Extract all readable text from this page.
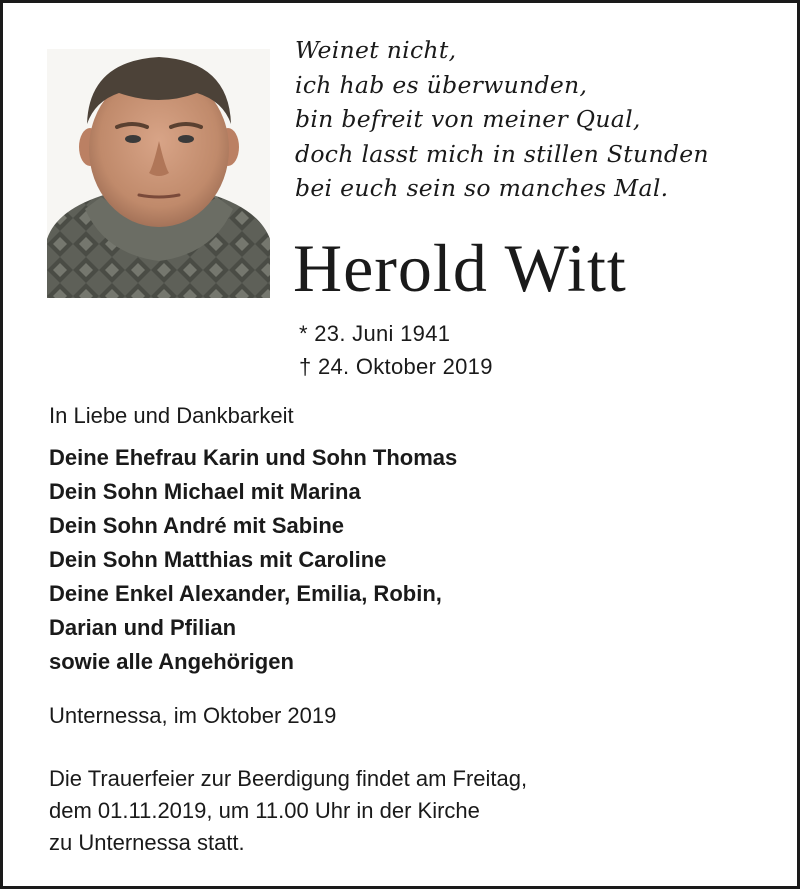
Weinet nicht,
ich hab es überwunden,
bin befreit von meiner Qual,
doch lasst mich in stillen Stunden
bei euch sein so manches Mal.
Herold Witt
* 23. Juni 1941
† 24. Oktober 2019
In Liebe und Dankbarkeit
Deine Ehefrau Karin und Sohn Thomas
Dein Sohn Michael mit Marina
Dein Sohn André mit Sabine
Dein Sohn Matthias mit Caroline
Deine Enkel Alexander, Emilia, Robin,
Darian und Pfilian
sowie alle Angehörigen
Unternessa, im Oktober 2019
Die Trauerfeier zur Beerdigung findet am Freitag,
dem 01.11.2019, um 11.00 Uhr in der Kirche
zu Unternessa statt.
